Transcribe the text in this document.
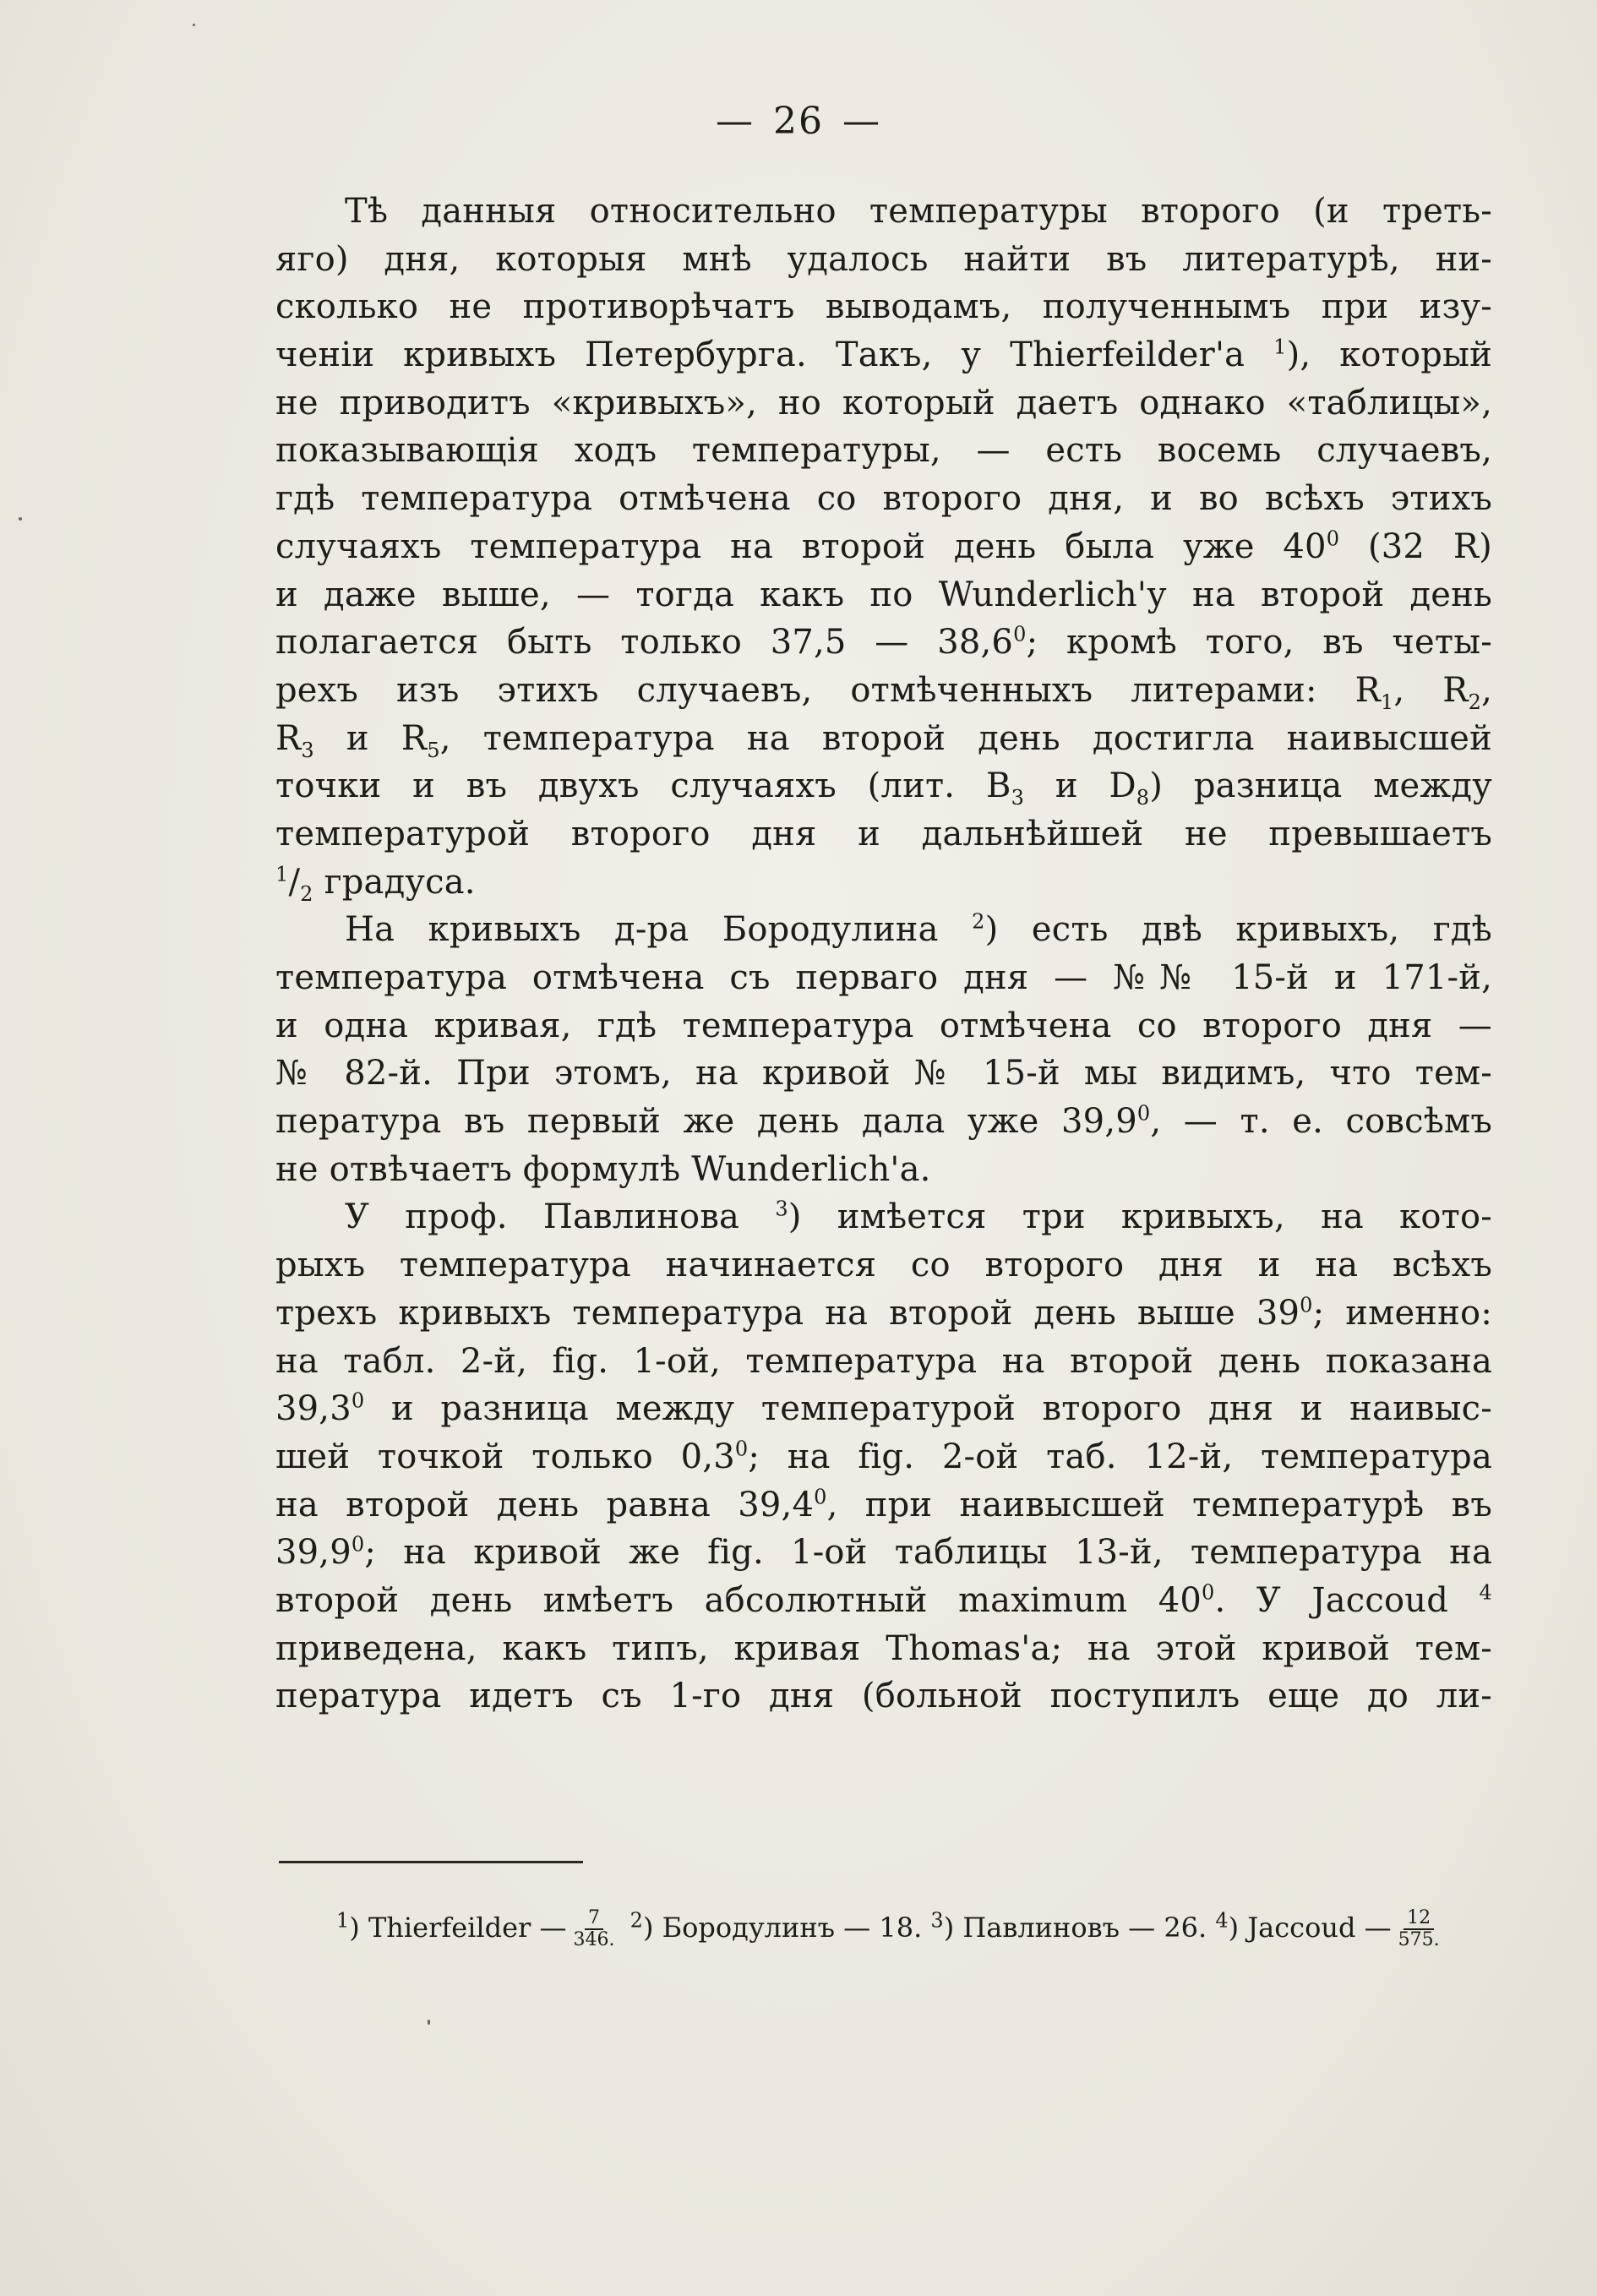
— 26 —
Тѣ данныя относительно температуры второго (и треть-
яго) дня, которыя мнѣ удалось найти въ литературѣ, ни-
сколько не противорѣчатъ выводамъ, полученнымъ при изу-
ченіи кривыхъ Петербурга. Такъ, у Thierfeilder'а $^1$), который
не приводитъ «кривыхъ», но который даетъ однако «таблицы»,
показывающія ходъ температуры, — есть восемь случаевъ,
гдѣ температура отмѣчена со второго дня, и во всѣхъ этихъ
случаяхъ температура на второй день была уже $40^0$ (32 R)
и даже выше, — тогда какъ по Wunderlich'у на второй день
полагается быть только 37,5 — 38,6$^0$; кромѣ того, въ четы-
рехъ изъ этихъ случаевъ, отмѣченныхъ литерами: $R_1$, $R_2$,
$R_3$ и $R_5$, температура на второй день достигла наивысшей
точки и въ двухъ случаяхъ (лит. $B_3$ и $D_8$) разница между
температурой второго дня и дальнѣйшей не превышаетъ
$^1/_2$ градуса.
На кривыхъ д-ра Бородулина $^2$) есть двѣ кривыхъ, гдѣ
температура отмѣчена съ перваго дня — №№ 15-й и 171-й,
и одна кривая, гдѣ температура отмѣчена со второго дня —
№ 82-й. При этомъ, на кривой № 15-й мы видимъ, что тем-
пература въ первый же день дала уже 39,9$^0$, — т. е. совсѣмъ
не отвѣчаетъ формулѣ Wunderlich'а.
У проф. Павлинова $^3$) имѣется три кривыхъ, на кото-
рыхъ температура начинается со второго дня и на всѣхъ
трехъ кривыхъ температура на второй день выше $39^0$; именно:
на табл. 2-й, fig. 1-ой, температура на второй день показана
39,3$^0$ и разница между температурой второго дня и наивыс-
шей точкой только $0,3^0$; на fig. 2-ой таб. 12-й, температура
на второй день равна 39,4$^0$, при наивысшей температурѣ въ
39,9$^0$; на кривой же fig. 1-ой таблицы 13-й, температура на
второй день имѣетъ абсолютный maximum $40^0$. У Jaccoud $^4$
приведена, какъ типъ, кривая Thomas'a; на этой кривой тем-
пература идетъ съ 1-го дня (больной поступилъ еще до ли-
$^1$) Thierfeilder — $\frac{7}{346.} ^2$) Бородулинъ — 18. $^3$) Павлиновъ — 26. $^4$) Jaccoud — $\frac{12}{575.}$
